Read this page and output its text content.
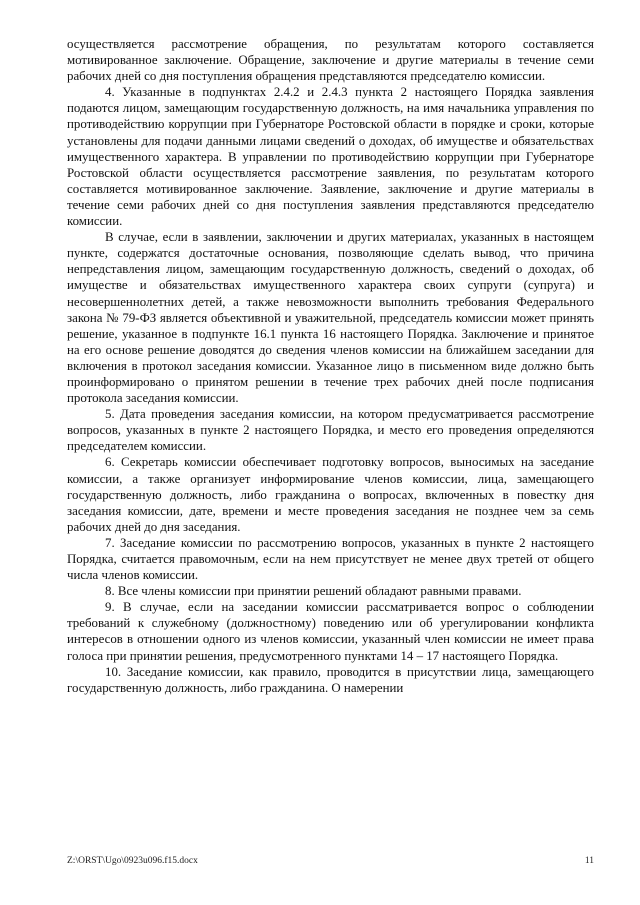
осуществляется рассмотрение обращения, по результатам которого составляется мотивированное заключение. Обращение, заключение и другие материалы в течение семи рабочих дней со дня поступления обращения представляются председателю комиссии.

4. Указанные в подпунктах 2.4.2 и 2.4.3 пункта 2 настоящего Порядка заявления подаются лицом, замещающим государственную должность, на имя начальника управления по противодействию коррупции при Губернаторе Ростовской области в порядке и сроки, которые установлены для подачи данными лицами сведений о доходах, об имуществе и обязательствах имущественного характера. В управлении по противодействию коррупции при Губернаторе Ростовской области осуществляется рассмотрение заявления, по результатам которого составляется мотивированное заключение. Заявление, заключение и другие материалы в течение семи рабочих дней со дня поступления заявления представляются председателю комиссии.

В случае, если в заявлении, заключении и других материалах, указанных в настоящем пункте, содержатся достаточные основания, позволяющие сделать вывод, что причина непредставления лицом, замещающим государственную должность, сведений о доходах, об имуществе и обязательствах имущественного характера своих супруги (супруга) и несовершеннолетних детей, а также невозможности выполнить требования Федерального закона № 79-ФЗ является объективной и уважительной, председатель комиссии может принять решение, указанное в подпункте 16.1 пункта 16 настоящего Порядка. Заключение и принятое на его основе решение доводятся до сведения членов комиссии на ближайшем заседании для включения в протокол заседания комиссии. Указанное лицо в письменном виде должно быть проинформировано о принятом решении в течение трех рабочих дней после подписания протокола заседания комиссии.

5. Дата проведения заседания комиссии, на котором предусматривается рассмотрение вопросов, указанных в пункте 2 настоящего Порядка, и место его проведения определяются председателем комиссии.

6. Секретарь комиссии обеспечивает подготовку вопросов, выносимых на заседание комиссии, а также организует информирование членов комиссии, лица, замещающего государственную должность, либо гражданина о вопросах, включенных в повестку дня заседания комиссии, дате, времени и месте проведения заседания не позднее чем за семь рабочих дней до дня заседания.

7. Заседание комиссии по рассмотрению вопросов, указанных в пункте 2 настоящего Порядка, считается правомочным, если на нем присутствует не менее двух третей от общего числа членов комиссии.

8. Все члены комиссии при принятии решений обладают равными правами.

9. В случае, если на заседании комиссии рассматривается вопрос о соблюдении требований к служебному (должностному) поведению или об урегулировании конфликта интересов в отношении одного из членов комиссии, указанный член комиссии не имеет права голоса при принятии решения, предусмотренного пунктами 14 – 17 настоящего Порядка.

10. Заседание комиссии, как правило, проводится в присутствии лица, замещающего государственную должность, либо гражданина. О намерении

Z:\ORST\Ugo\0923u096.f15.docx	11
